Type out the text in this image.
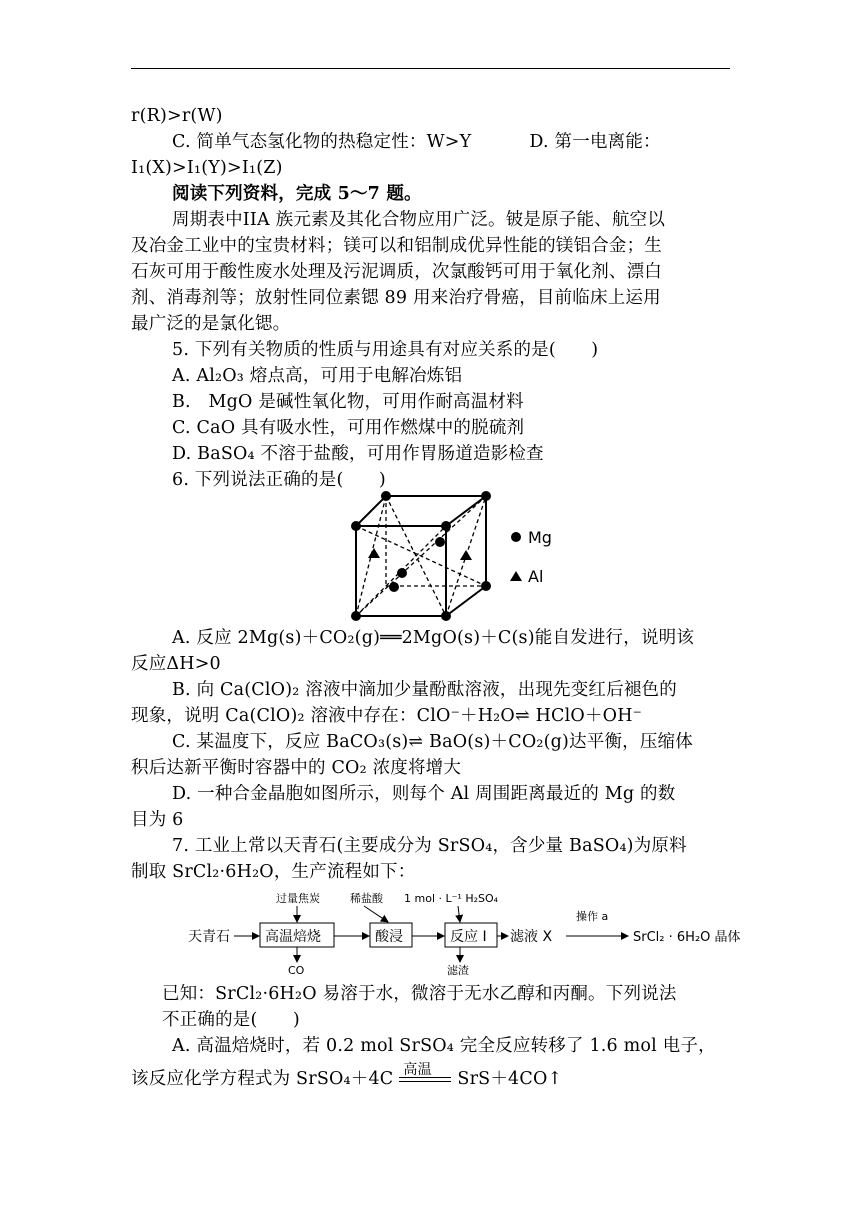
r(R)>r(W)
C. 简单气态氢化物的热稳定性：W>Y	D. 第一电离能：
I₁(X)>I₁(Y)>I₁(Z)
阅读下列资料，完成 5～7 题。
周期表中IIA 族元素及其化合物应用广泛。铍是原子能、航空以
及冶金工业中的宝贵材料；镁可以和铝制成优异性能的镁铝合金；生
石灰可用于酸性废水处理及污泥调质，次氯酸钙可用于氧化剂、漂白
剂、消毒剂等；放射性同位素锶 89 用来治疗骨癌，目前临床上运用
最广泛的是氯化锶。
5. 下列有关物质的性质与用途具有对应关系的是(　　)
A. Al₂O₃ 熔点高，可用于电解冶炼铝
B.　MgO 是碱性氧化物，可用作耐高温材料
C. CaO 具有吸水性，可用作燃煤中的脱硫剂
D. BaSO₄ 不溶于盐酸，可用作胃肠道造影检查
6. 下列说法正确的是(　　)
Mg
Al
A. 反应 2Mg(s)＋CO₂(g)══2MgO(s)＋C(s)能自发进行，说明该
反应ΔH>0
B. 向 Ca(ClO)₂ 溶液中滴加少量酚酞溶液，出现先变红后褪色的
现象，说明 Ca(ClO)₂ 溶液中存在：ClO⁻＋H₂O⇌ HClO＋OH⁻
C. 某温度下，反应 BaCO₃(s)⇌ BaO(s)＋CO₂(g)达平衡，压缩体
积后达新平衡时容器中的 CO₂ 浓度将增大
D. 一种合金晶胞如图所示，则每个 Al 周围距离最近的 Mg 的数
目为 6
7. 工业上常以天青石(主要成分为 SrSO₄，含少量 BaSO₄)为原料
制取 SrCl₂·6H₂O，生产流程如下：
天青石	高温焙烧	酸浸	反应 Ⅰ 滤液 X
操作 a
SrCl₂ · 6H₂O 晶体
过量焦炭	稀盐酸 1 mol · L⁻¹ H₂SO₄
CO	滤渣
已知：SrCl₂·6H₂O 易溶于水，微溶于无水乙醇和丙酮。下列说法
不正确的是(　　)
A. 高温焙烧时，若 0.2 mol SrSO₄ 完全反应转移了 1.6 mol 电子，
该反应化学方程式为 SrSO₄＋4C 高温 SrS＋4CO↑
